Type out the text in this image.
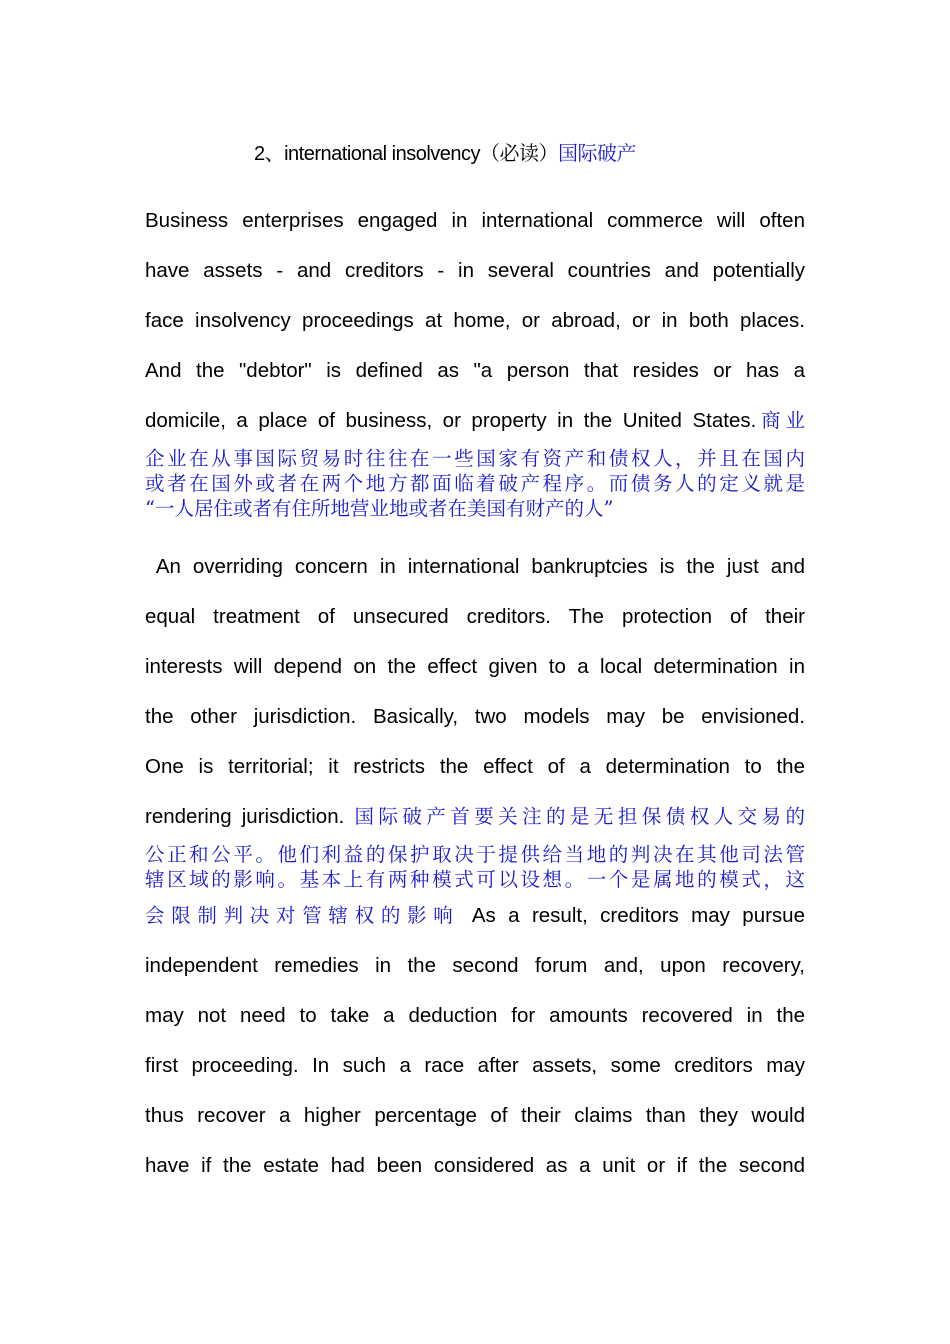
2、international insolvency（必读）国际破产
Business enterprises engaged in international commerce will often
have assets - and creditors - in several countries and potentially
face insolvency proceedings at home, or abroad, or in both places.
And the "debtor" is defined as "a person that resides or has a
domicile, a place of business, or property in the United States.商业
企业在从事国际贸易时往往在一些国家有资产和债权人，并且在国内
或者在国外或者在两个地方都面临着破产程序。而债务人的定义就是
“一人居住或者有住所地营业地或者在美国有财产的人”
An overriding concern in international bankruptcies is the just and
equal treatment of unsecured creditors. The protection of their
interests will depend on the effect given to a local determination in
the other jurisdiction. Basically, two models may be envisioned.
One is territorial; it restricts the effect of a determination to the
rendering jurisdiction. 国际破产首要关注的是无担保债权人交易的
公正和公平。他们利益的保护取决于提供给当地的判决在其他司法管
辖区域的影响。基本上有两种模式可以设想。一个是属地的模式，这
会限制判决对管辖权的影响 As a result, creditors may pursue
independent remedies in the second forum and, upon recovery,
may not need to take a deduction for amounts recovered in the
first proceeding. In such a race after assets, some creditors may
thus recover a higher percentage of their claims than they would
have if the estate had been considered as a unit or if the second
